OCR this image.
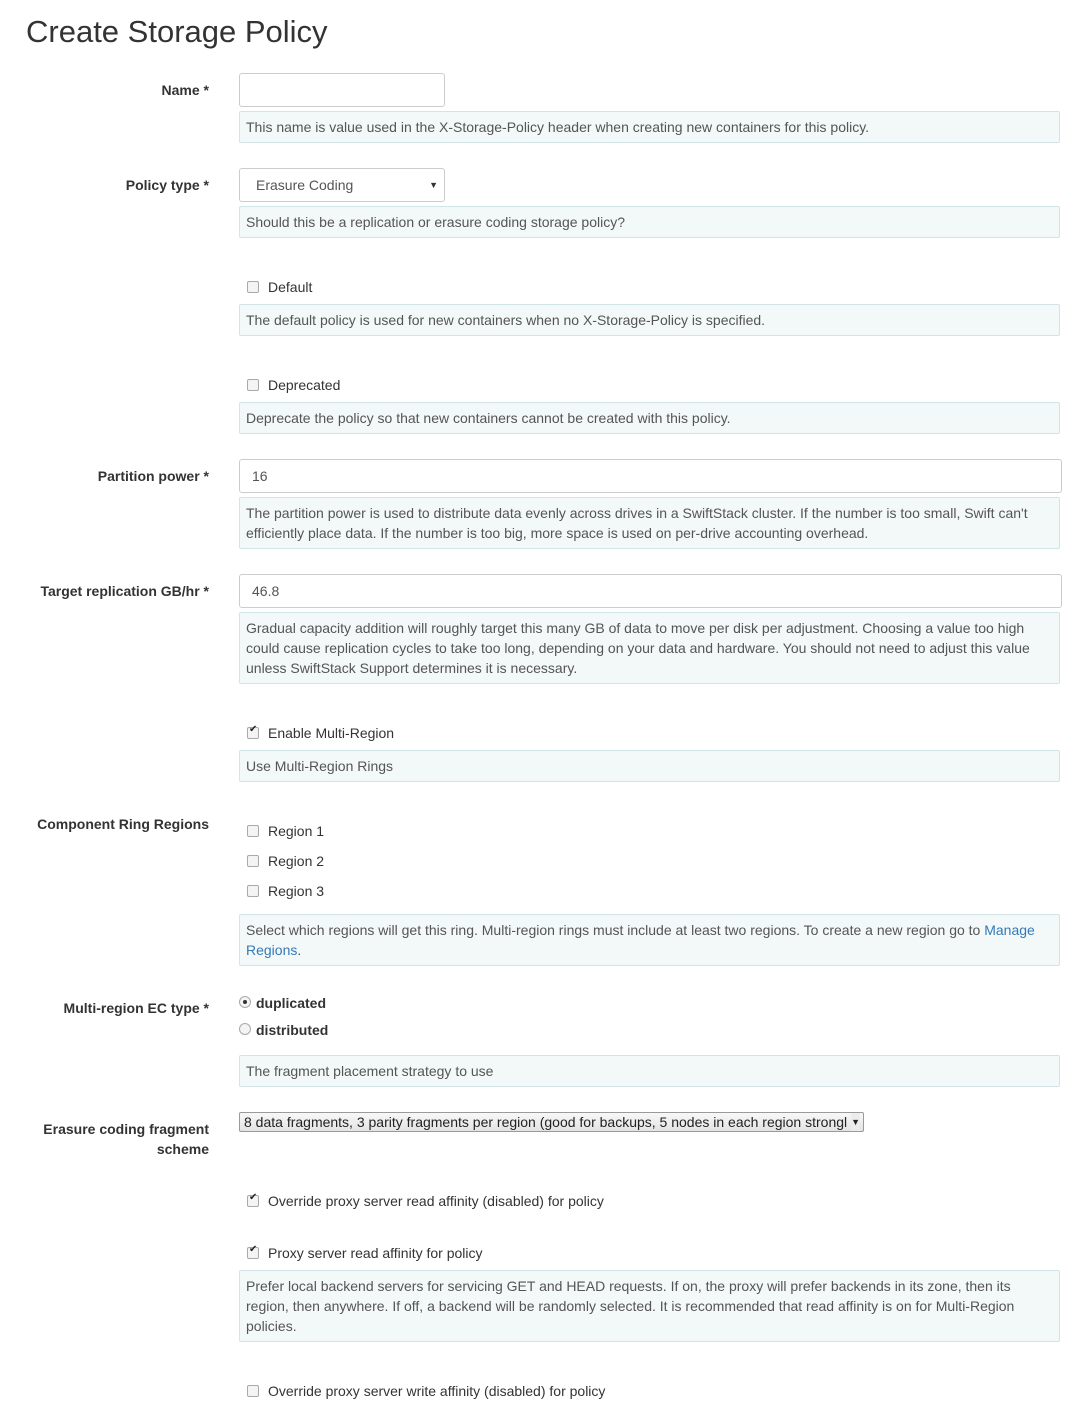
Create Storage Policy
Name *
This name is value used in the X-Storage-Policy header when creating new containers for this policy.
Policy type *	Erasure Coding	▼
Should this be a replication or erasure coding storage policy?
Default
The default policy is used for new containers when no X-Storage-Policy is specified.
Deprecated
Deprecate the policy so that new containers cannot be created with this policy.
Partition power *	16
The partition power is used to distribute data evenly across drives in a SwiftStack cluster. If the number is too small, Swift can't efficiently place data. If the number is too big, more space is used on per-drive accounting overhead.
Target replication GB/hr *	46.8
Gradual capacity addition will roughly target this many GB of data to move per disk per adjustment. Choosing a value too high could cause replication cycles to take too long, depending on your data and hardware. You should not need to adjust this value unless SwiftStack Support determines it is necessary.
✔
Enable Multi-Region
Use Multi-Region Rings
Component Ring Regions	Region 1
Region 2
Region 3
Select which regions will get this ring. Multi-region rings must include at least two regions. To create a new region go to Manage Regions.
Multi-region EC type *	duplicated
distributed
The fragment placement strategy to use
Erasure coding fragment
scheme
8 data fragments, 3 parity fragments per region (good for backups, 5 nodes in each region strongl ▼
✔
Override proxy server read affinity (disabled) for policy
✔
Proxy server read affinity for policy
Prefer local backend servers for servicing GET and HEAD requests. If on, the proxy will prefer backends in its zone, then its region, then anywhere. If off, a backend will be randomly selected. It is recommended that read affinity is on for Multi-Region policies.
Override proxy server write affinity (disabled) for policy
